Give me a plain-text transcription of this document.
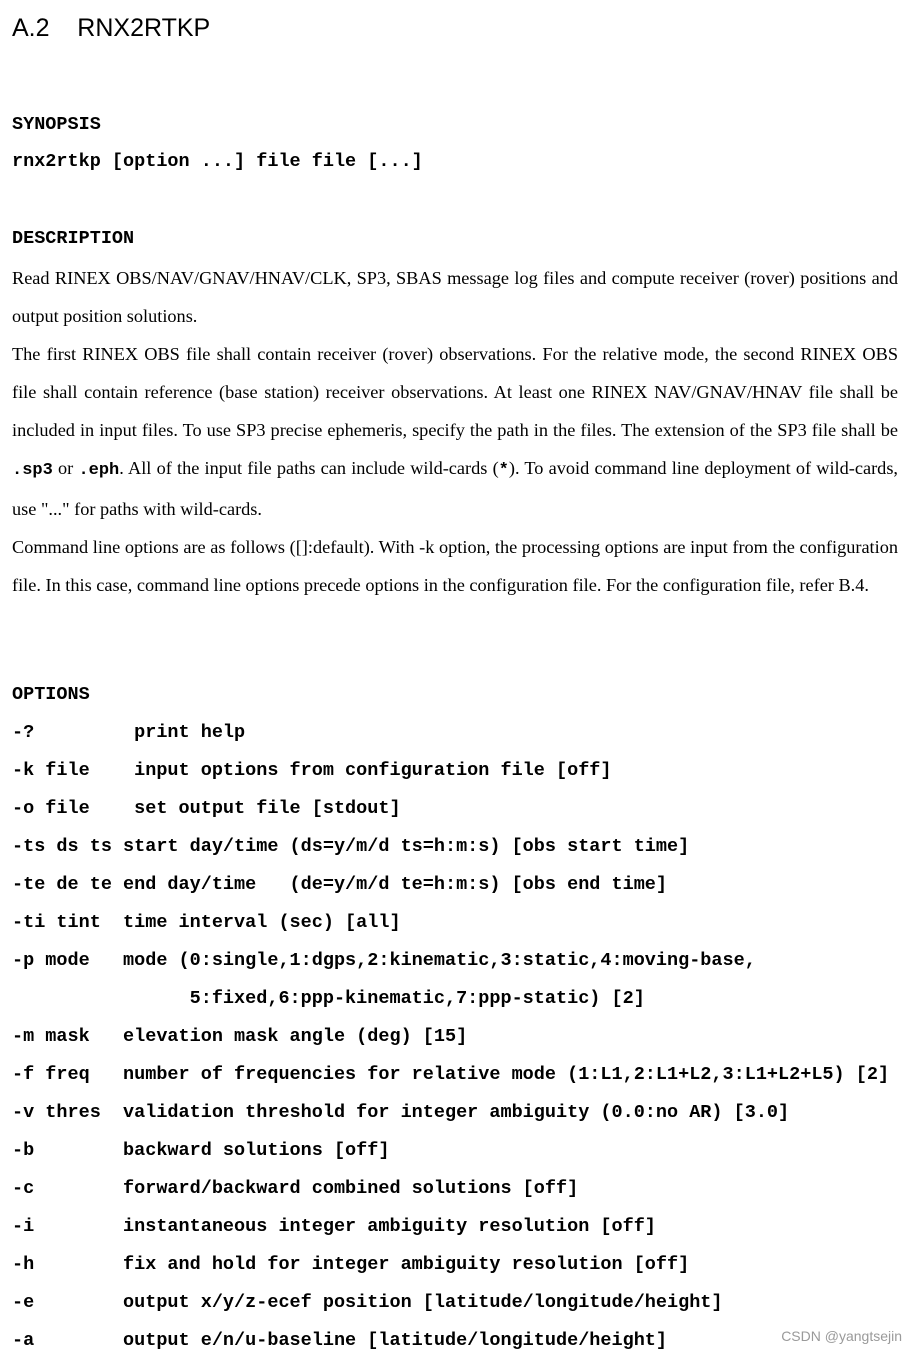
A.2    RNX2RTKP
SYNOPSIS
rnx2rtkp [option ...] file file [...]
DESCRIPTION

Read RINEX OBS/NAV/GNAV/HNAV/CLK, SP3, SBAS message log files and compute receiver (rover) positions and output position solutions.

The first RINEX OBS file shall contain receiver (rover) observations. For the relative mode, the second RINEX OBS file shall contain reference (base station) receiver observations. At least one RINEX NAV/GNAV/HNAV file shall be included in input files. To use SP3 precise ephemeris, specify the path in the files. The extension of the SP3 file shall be .sp3 or .eph. All of the input file paths can include wild-cards (*). To avoid command line deployment of wild-cards, use "..." for paths with wild-cards.

Command line options are as follows ([]:default). With -k option, the processing options are input from the configuration file. In this case, command line options precede options in the configuration file. For the configuration file, refer B.4.

OPTIONS
-?         print help
-k file    input options from configuration file [off]
-o file    set output file [stdout]
-ts ds ts start day/time (ds=y/m/d ts=h:m:s) [obs start time]
-te de te end day/time   (de=y/m/d te=h:m:s) [obs end time]
-ti tint  time interval (sec) [all]
-p mode   mode (0:single,1:dgps,2:kinematic,3:static,4:moving-base,
5:fixed,6:ppp-kinematic,7:ppp-static) [2]
-m mask   elevation mask angle (deg) [15]
-f freq   number of frequencies for relative mode (1:L1,2:L1+L2,3:L1+L2+L5) [2]
-v thres  validation threshold for integer ambiguity (0.0:no AR) [3.0]
-b        backward solutions [off]
-c        forward/backward combined solutions [off]
-i        instantaneous integer ambiguity resolution [off]
-h        fix and hold for integer ambiguity resolution [off]
-e        output x/y/z-ecef position [latitude/longitude/height]
-a        output e/n/u-baseline [latitude/longitude/height]	CSDN @yangtsejin
